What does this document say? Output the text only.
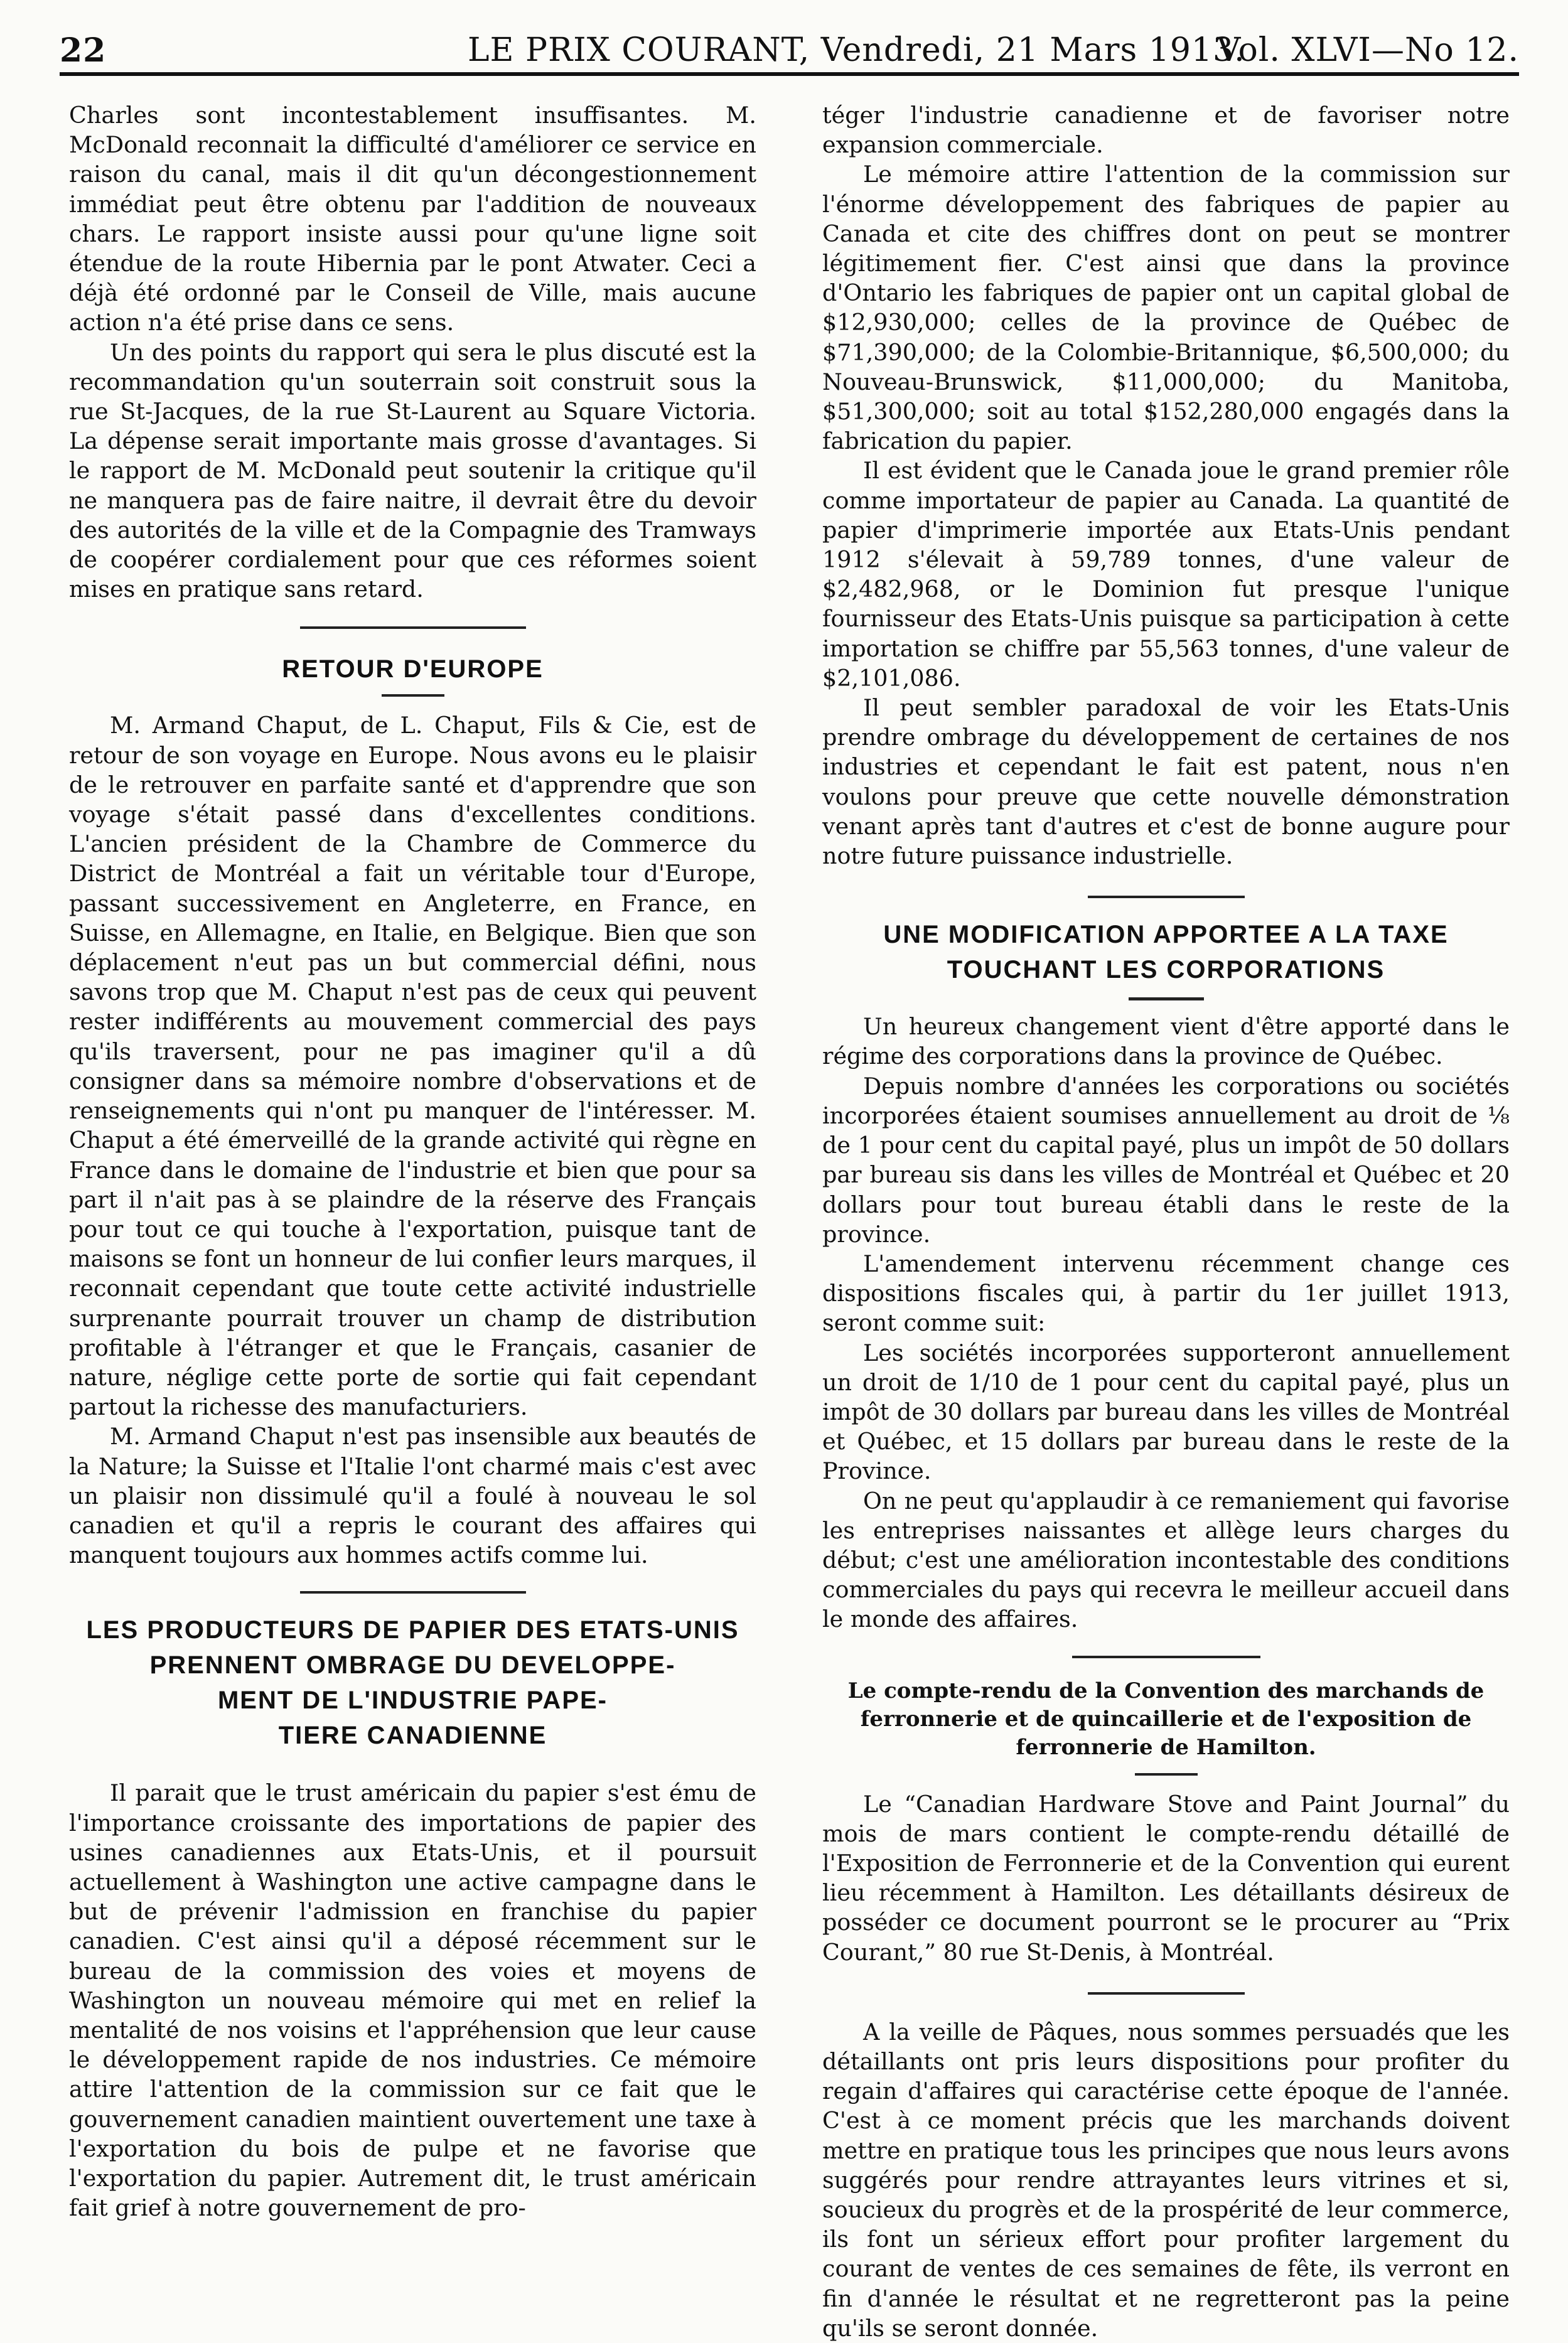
22	LE PRIX COURANT, Vendredi, 21 Mars 1913.
Vol. XLVI—No 12.

Charles sont incontestablement insuffisantes. M. McDonald reconnait la difficulté d'améliorer ce service en raison du canal, mais il dit qu'un décongestionnement immédiat peut être obtenu par l'addition de nouveaux chars. Le rapport insiste aussi pour qu'une ligne soit étendue de la route Hibernia par le pont Atwater. Ceci a déjà été ordonné par le Conseil de Ville, mais aucune action n'a été prise dans ce sens.

Un des points du rapport qui sera le plus discuté est la recommandation qu'un souterrain soit construit sous la rue St-Jacques, de la rue St-Laurent au Square Victoria. La dépense serait importante mais grosse d'avantages. Si le rapport de M. McDonald peut soutenir la critique qu'il ne manquera pas de faire naitre, il devrait être du devoir des autorités de la ville et de la Compagnie des Tramways de coopérer cordialement pour que ces réformes soient mises en pratique sans retard.

RETOUR D'EUROPE

M. Armand Chaput, de L. Chaput, Fils & Cie, est de retour de son voyage en Europe. Nous avons eu le plaisir de le retrouver en parfaite santé et d'apprendre que son voyage s'était passé dans d'excellentes conditions. L'ancien président de la Chambre de Commerce du District de Montréal a fait un véritable tour d'Europe, passant successivement en Angleterre, en France, en Suisse, en Allemagne, en Italie, en Belgique. Bien que son déplacement n'eut pas un but commercial défini, nous savons trop que M. Chaput n'est pas de ceux qui peuvent rester indifférents au mouvement commercial des pays qu'ils traversent, pour ne pas imaginer qu'il a dû consigner dans sa mémoire nombre d'observations et de renseignements qui n'ont pu manquer de l'intéresser. M. Chaput a été émerveillé de la grande activité qui règne en France dans le domaine de l'industrie et bien que pour sa part il n'ait pas à se plaindre de la réserve des Français pour tout ce qui touche à l'exportation, puisque tant de maisons se font un honneur de lui confier leurs marques, il reconnait cependant que toute cette activité industrielle surprenante pourrait trouver un champ de distribution profitable à l'étranger et que le Français, casanier de nature, néglige cette porte de sortie qui fait cependant partout la richesse des manufacturiers.

M. Armand Chaput n'est pas insensible aux beautés de la Nature; la Suisse et l'Italie l'ont charmé mais c'est avec un plaisir non dissimulé qu'il a foulé à nouveau le sol canadien et qu'il a repris le courant des affaires qui manquent toujours aux hommes actifs comme lui.

LES PRODUCTEURS DE PAPIER DES ETATS-UNIS
PRENNENT OMBRAGE DU DEVELOPPE-
MENT DE L'INDUSTRIE PAPE-
TIERE CANADIENNE

Il parait que le trust américain du papier s'est ému de l'importance croissante des importations de papier des usines canadiennes aux Etats-Unis, et il poursuit actuellement à Washington une active campagne dans le but de prévenir l'admission en franchise du papier canadien. C'est ainsi qu'il a déposé récemment sur le bureau de la commission des voies et moyens de Washington un nouveau mémoire qui met en relief la mentalité de nos voisins et l'appréhension que leur cause le développement rapide de nos industries. Ce mémoire attire l'attention de la commission sur ce fait que le gouvernement canadien maintient ouvertement une taxe à l'exportation du bois de pulpe et ne favorise que l'exportation du papier. Autrement dit, le trust américain fait grief à notre gouvernement de pro-

téger l'industrie canadienne et de favoriser notre expansion commerciale.

Le mémoire attire l'attention de la commission sur l'énorme développement des fabriques de papier au Canada et cite des chiffres dont on peut se montrer légitimement fier. C'est ainsi que dans la province d'Ontario les fabriques de papier ont un capital global de $12,930,000; celles de la province de Québec de $71,390,000; de la Colombie-Britannique, $6,500,000; du Nouveau-Brunswick, $11,000,000; du Manitoba, $51,300,000; soit au total $152,280,000 engagés dans la fabrication du papier.

Il est évident que le Canada joue le grand premier rôle comme importateur de papier au Canada. La quantité de papier d'imprimerie importée aux Etats-Unis pendant 1912 s'élevait à 59,789 tonnes, d'une valeur de $2,482,968, or le Dominion fut presque l'unique fournisseur des Etats-Unis puisque sa participation à cette importation se chiffre par 55,563 tonnes, d'une valeur de $2,101,086.

Il peut sembler paradoxal de voir les Etats-Unis prendre ombrage du développement de certaines de nos industries et cependant le fait est patent, nous n'en voulons pour preuve que cette nouvelle démonstration venant après tant d'autres et c'est de bonne augure pour notre future puissance industrielle.

UNE MODIFICATION APPORTEE A LA TAXE
TOUCHANT LES CORPORATIONS

Un heureux changement vient d'être apporté dans le régime des corporations dans la province de Québec.

Depuis nombre d'années les corporations ou sociétés incorporées étaient soumises annuellement au droit de ⅛ de 1 pour cent du capital payé, plus un impôt de 50 dollars par bureau sis dans les villes de Montréal et Québec et 20 dollars pour tout bureau établi dans le reste de la province.

L'amendement intervenu récemment change ces dispositions fiscales qui, à partir du 1er juillet 1913, seront comme suit:

Les sociétés incorporées supporteront annuellement un droit de 1/10 de 1 pour cent du capital payé, plus un impôt de 30 dollars par bureau dans les villes de Montréal et Québec, et 15 dollars par bureau dans le reste de la Province.

On ne peut qu'applaudir à ce remaniement qui favorise les entreprises naissantes et allège leurs charges du début; c'est une amélioration incontestable des conditions commerciales du pays qui recevra le meilleur accueil dans le monde des affaires.

Le compte-rendu de la Convention des marchands de ferronnerie et de quincaillerie et de l'exposition de
ferronnerie de Hamilton.

Le “Canadian Hardware Stove and Paint Journal” du mois de mars contient le compte-rendu détaillé de l'Exposition de Ferronnerie et de la Convention qui eurent lieu récemment à Hamilton. Les détaillants désireux de posséder ce document pourront se le procurer au “Prix Courant,” 80 rue St-Denis, à Montréal.

A la veille de Pâques, nous sommes persuadés que les détaillants ont pris leurs dispositions pour profiter du regain d'affaires qui caractérise cette époque de l'année. C'est à ce moment précis que les marchands doivent mettre en pratique tous les principes que nous leurs avons suggérés pour rendre attrayantes leurs vitrines et si, soucieux du progrès et de la prospérité de leur commerce, ils font un sérieux effort pour profiter largement du courant de ventes de ces semaines de fête, ils verront en fin d'année le résultat et ne regretteront pas la peine qu'ils se seront donnée.
